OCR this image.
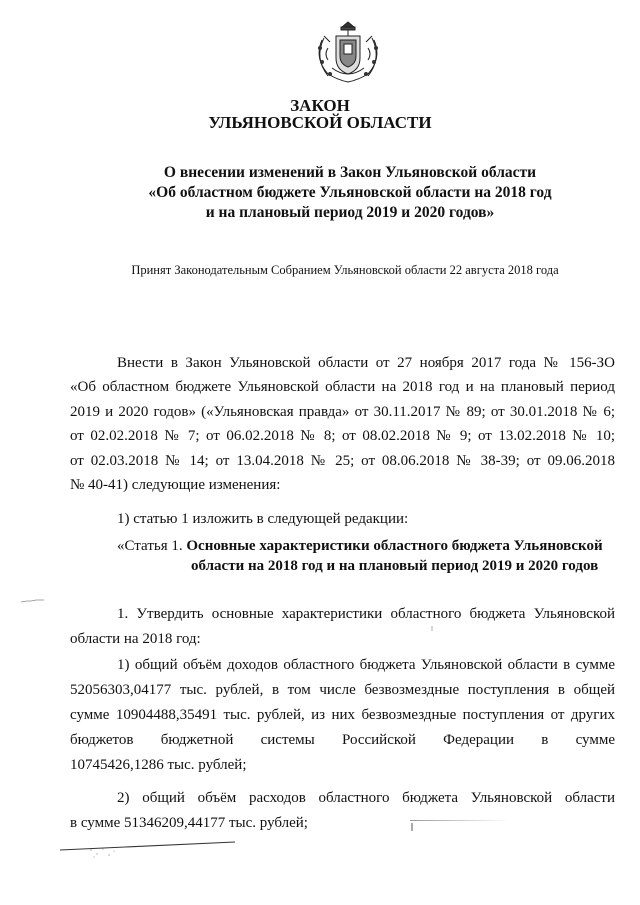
ЗАКОН
УЛЬЯНОВСКОЙ ОБЛАСТИ
О внесении изменений в Закон Ульяновской области
«Об областном бюджете Ульяновской области на 2018 год
и на плановый период 2019 и 2020 годов»
Принят Законодательным Собранием Ульяновской области 22 августа 2018 года
Внести в Закон Ульяновской области от 27 ноября 2017 года № 156-ЗО
«Об областном бюджете Ульяновской области на 2018 год и на плановый период
2019 и 2020 годов» («Ульяновская правда» от 30.11.2017 № 89; от 30.01.2018 № 6;
от 02.02.2018 № 7; от 06.02.2018 № 8; от 08.02.2018 № 9; от 13.02.2018 № 10;
от 02.03.2018 № 14; от 13.04.2018 № 25; от 08.06.2018 № 38-39; от 09.06.2018
№ 40-41) следующие изменения:
1) статью 1 изложить в следующей редакции:
«Статья 1. Основные характеристики областного бюджета Ульяновской
области на 2018 год и на плановый период 2019 и 2020 годов
1. Утвердить основные характеристики областного бюджета Ульяновской
области на 2018 год:
1) общий объём доходов областного бюджета Ульяновской области в сумме
52056303,04177 тыс. рублей, в том числе безвозмездные поступления в общей
сумме 10904488,35491 тыс. рублей, из них безвозмездные поступления от других
бюджетов бюджетной системы Российской Федерации в сумме
10745426,1286 тыс. рублей;
2) общий объём расходов областного бюджета Ульяновской области
в сумме 51346209,44177 тыс. рублей;
